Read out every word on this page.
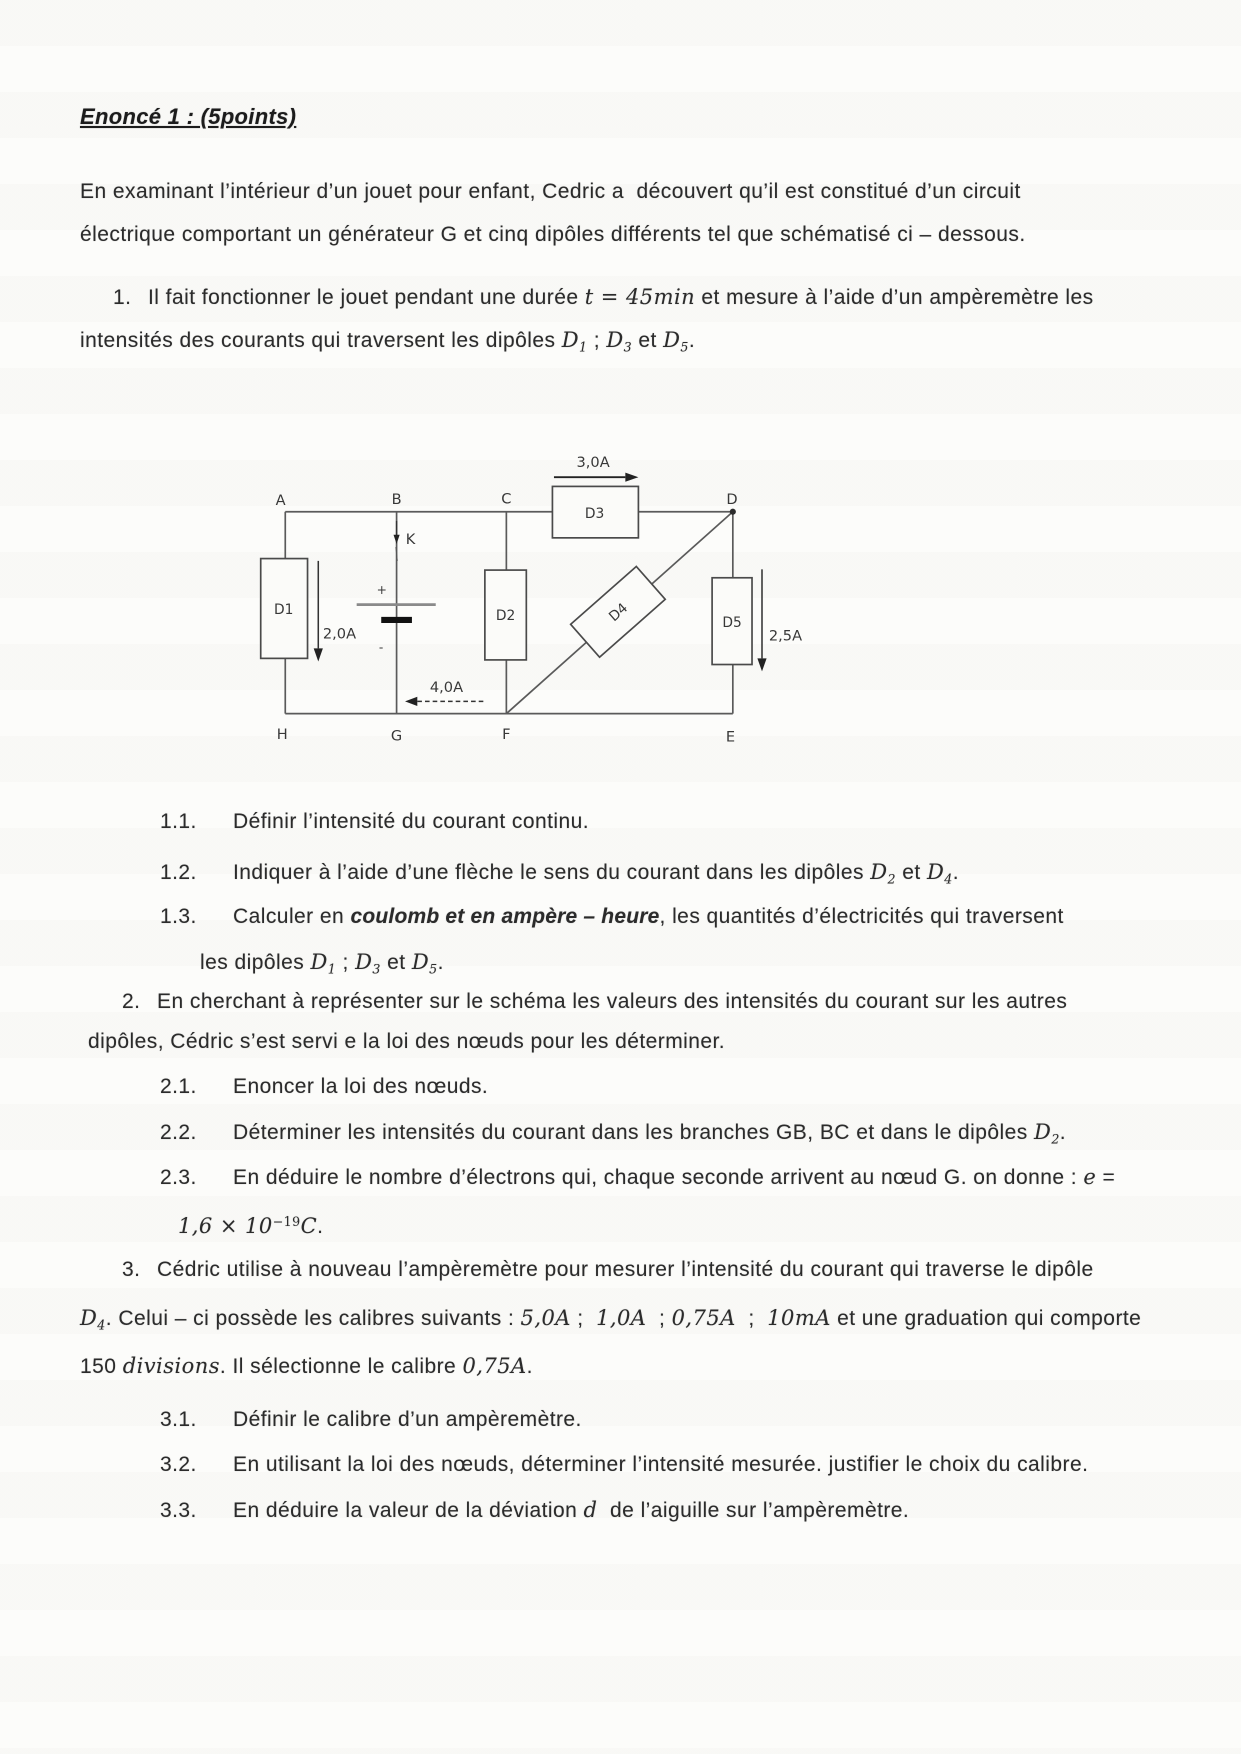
Enoncé 1 : (5points)
En examinant l’intérieur d’un jouet pour enfant, Cedric a  découvert qu’il est constitué d’un circuit
électrique comportant un générateur G et cinq dipôles différents tel que schématisé ci – dessous.
1. Il fait fonctionner le jouet pendant une durée t = 45min et mesure à l’aide d’un ampèremètre les
intensités des courants qui traversent les dipôles $D_1$ ; $D_3$ et $D_5$.
+
-
K
A	B	C	D
H	G	F	E
D1	D2
D3
D4	D5
3,0A
2,0A
4,0A
2,5A
1.1. Définir l’intensité du courant continu.
1.2. Indiquer à l’aide d’une flèche le sens du courant dans les dipôles $D_2$ et $D_4$.
1.3. Calculer en coulomb et en ampère – heure, les quantités d’électricités qui traversent
les dipôles $D_1$ ; $D_3$ et $D_5$.
2. En cherchant à représenter sur le schéma les valeurs des intensités du courant sur les autres
dipôles, Cédric s’est servi e la loi des nœuds pour les déterminer.
2.1. Enoncer la loi des nœuds.
2.2. Déterminer les intensités du courant dans les branches GB, BC et dans le dipôles $D_2$.
2.3. En déduire le nombre d’électrons qui, chaque seconde arrivent au nœud G. on donne : e =
$1,6 \times 10^{-19}C$.
3. Cédric utilise à nouveau l’ampèremètre pour mesurer l’intensité du courant qui traverse le dipôle
$D_4$. Celui – ci possède les calibres suivants : 5,0A ;  1,0A  ; 0,75A  ;  10mA et une graduation qui comporte
150 divisions. Il sélectionne le calibre 0,75A.
3.1. Définir le calibre d’un ampèremètre.
3.2. En utilisant la loi des nœuds, déterminer l’intensité mesurée. justifier le choix du calibre.
3.3. En déduire la valeur de la déviation d  de l’aiguille sur l’ampèremètre.
